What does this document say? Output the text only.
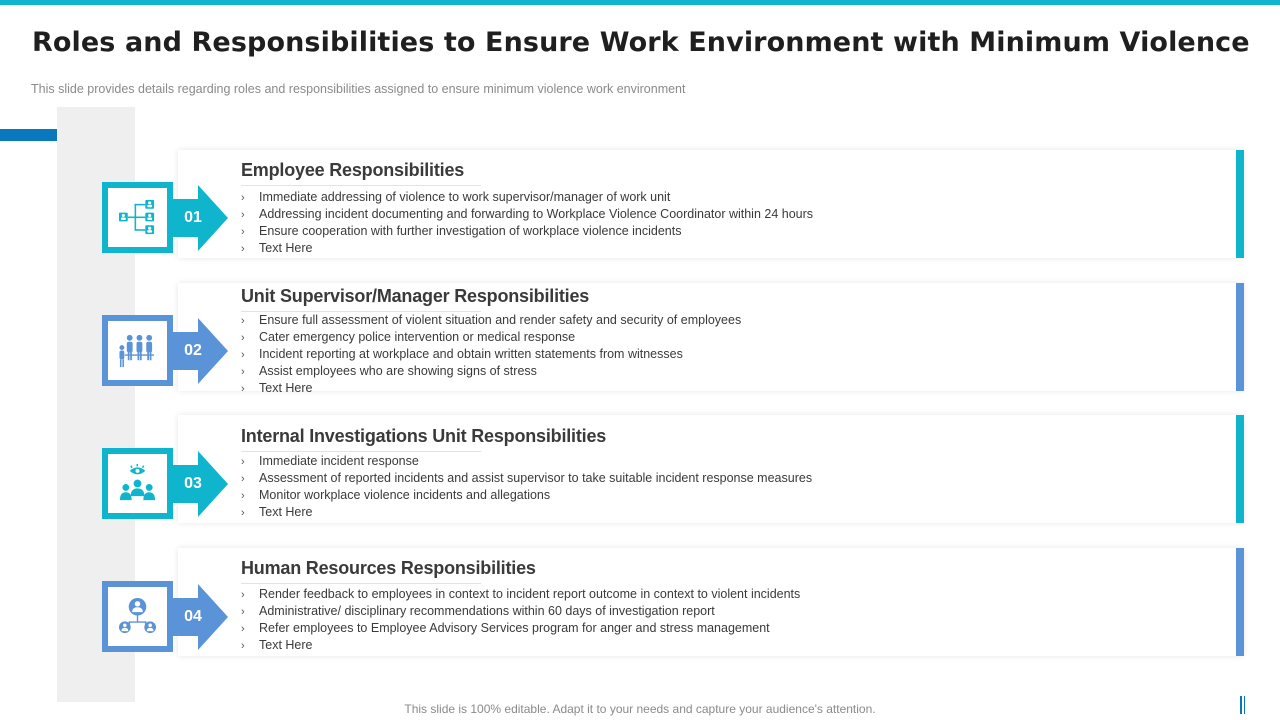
Roles and Responsibilities to Ensure Work Environment with Minimum Violence
This slide provides details regarding roles and responsibilities assigned to ensure minimum violence work environment
Employee Responsibilities
› Immediate addressing of violence to work supervisor/manager of work unit
› Addressing incident documenting and forwarding to Workplace Violence Coordinator within 24 hours
› Ensure cooperation with further investigation of workplace violence incidents
› Text Here
01
Unit Supervisor/Manager Responsibilities
› Ensure full assessment of violent situation and render safety and security of employees
› Cater emergency police intervention or medical response
› Incident reporting at workplace and obtain written statements from witnesses
› Assist employees who are showing signs of stress
› Text Here
02
Internal Investigations Unit Responsibilities
› Immediate incident response
› Assessment of reported incidents and assist supervisor to take suitable incident response measures
› Monitor workplace violence incidents and allegations
› Text Here
03
Human Resources Responsibilities
› Render feedback to employees in context to incident report outcome in context to violent incidents
› Administrative/ disciplinary recommendations within 60 days of investigation report
› Refer employees to Employee Advisory Services program for anger and stress management
› Text Here
04
This slide is 100% editable. Adapt it to your needs and capture your audience's attention.
